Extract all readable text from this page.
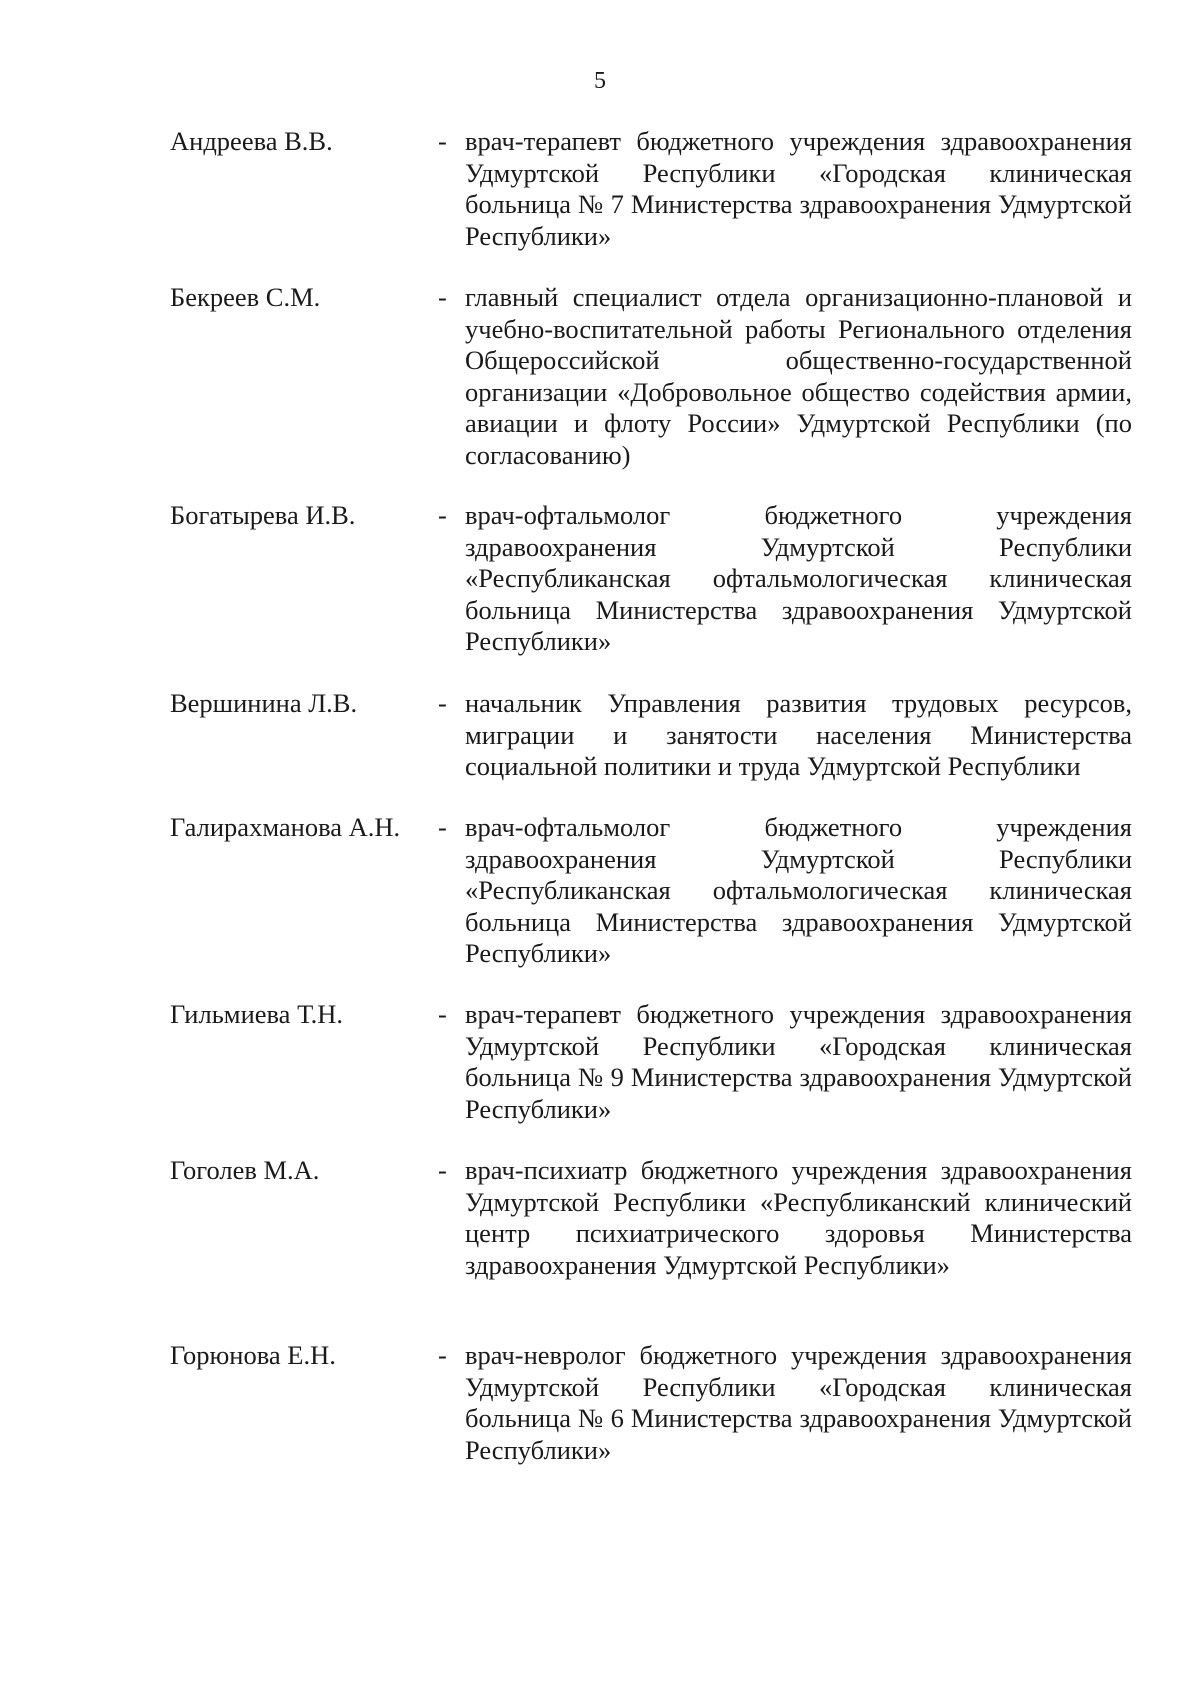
5
Андреева В.В.	- врач-терапевт бюджетного учреждения здравоохранения Удмуртской Республики «Городская клиническая больница № 7 Министерства здравоохранения Удмуртской Республики»
Бекреев С.М.	- главный специалист отдела организационно-плановой и учебно-воспитательной работы Регионального отделения Общероссийской общественно-государственной организации «Добровольное общество содействия армии, авиации и флоту России» Удмуртской Республики (по согласованию)
Богатырева И.В.	- врач-офтальмолог бюджетного учреждения здравоохранения Удмуртской Республики «Республиканская офтальмологическая клиническая больница Министерства здравоохранения Удмуртской Республики»
Вершинина Л.В.	- начальник Управления развития трудовых ресурсов, миграции и занятости населения Министерства социальной политики и труда Удмуртской Республики
Галирахманова А.Н. - врач-офтальмолог бюджетного учреждения здравоохранения Удмуртской Республики «Республиканская офтальмологическая клиническая больница Министерства здравоохранения Удмуртской Республики»
Гильмиева Т.Н.	- врач-терапевт бюджетного учреждения здравоохранения Удмуртской Республики «Городская клиническая больница № 9 Министерства здравоохранения Удмуртской Республики»
Гоголев М.А.	- врач-психиатр бюджетного учреждения здравоохранения Удмуртской Республики «Республиканский клинический центр психиатрического здоровья Министерства здравоохранения Удмуртской Республики»
Горюнова Е.Н.	- врач-невролог бюджетного учреждения здравоохранения Удмуртской Республики «Городская клиническая больница № 6 Министерства здравоохранения Удмуртской Республики»
